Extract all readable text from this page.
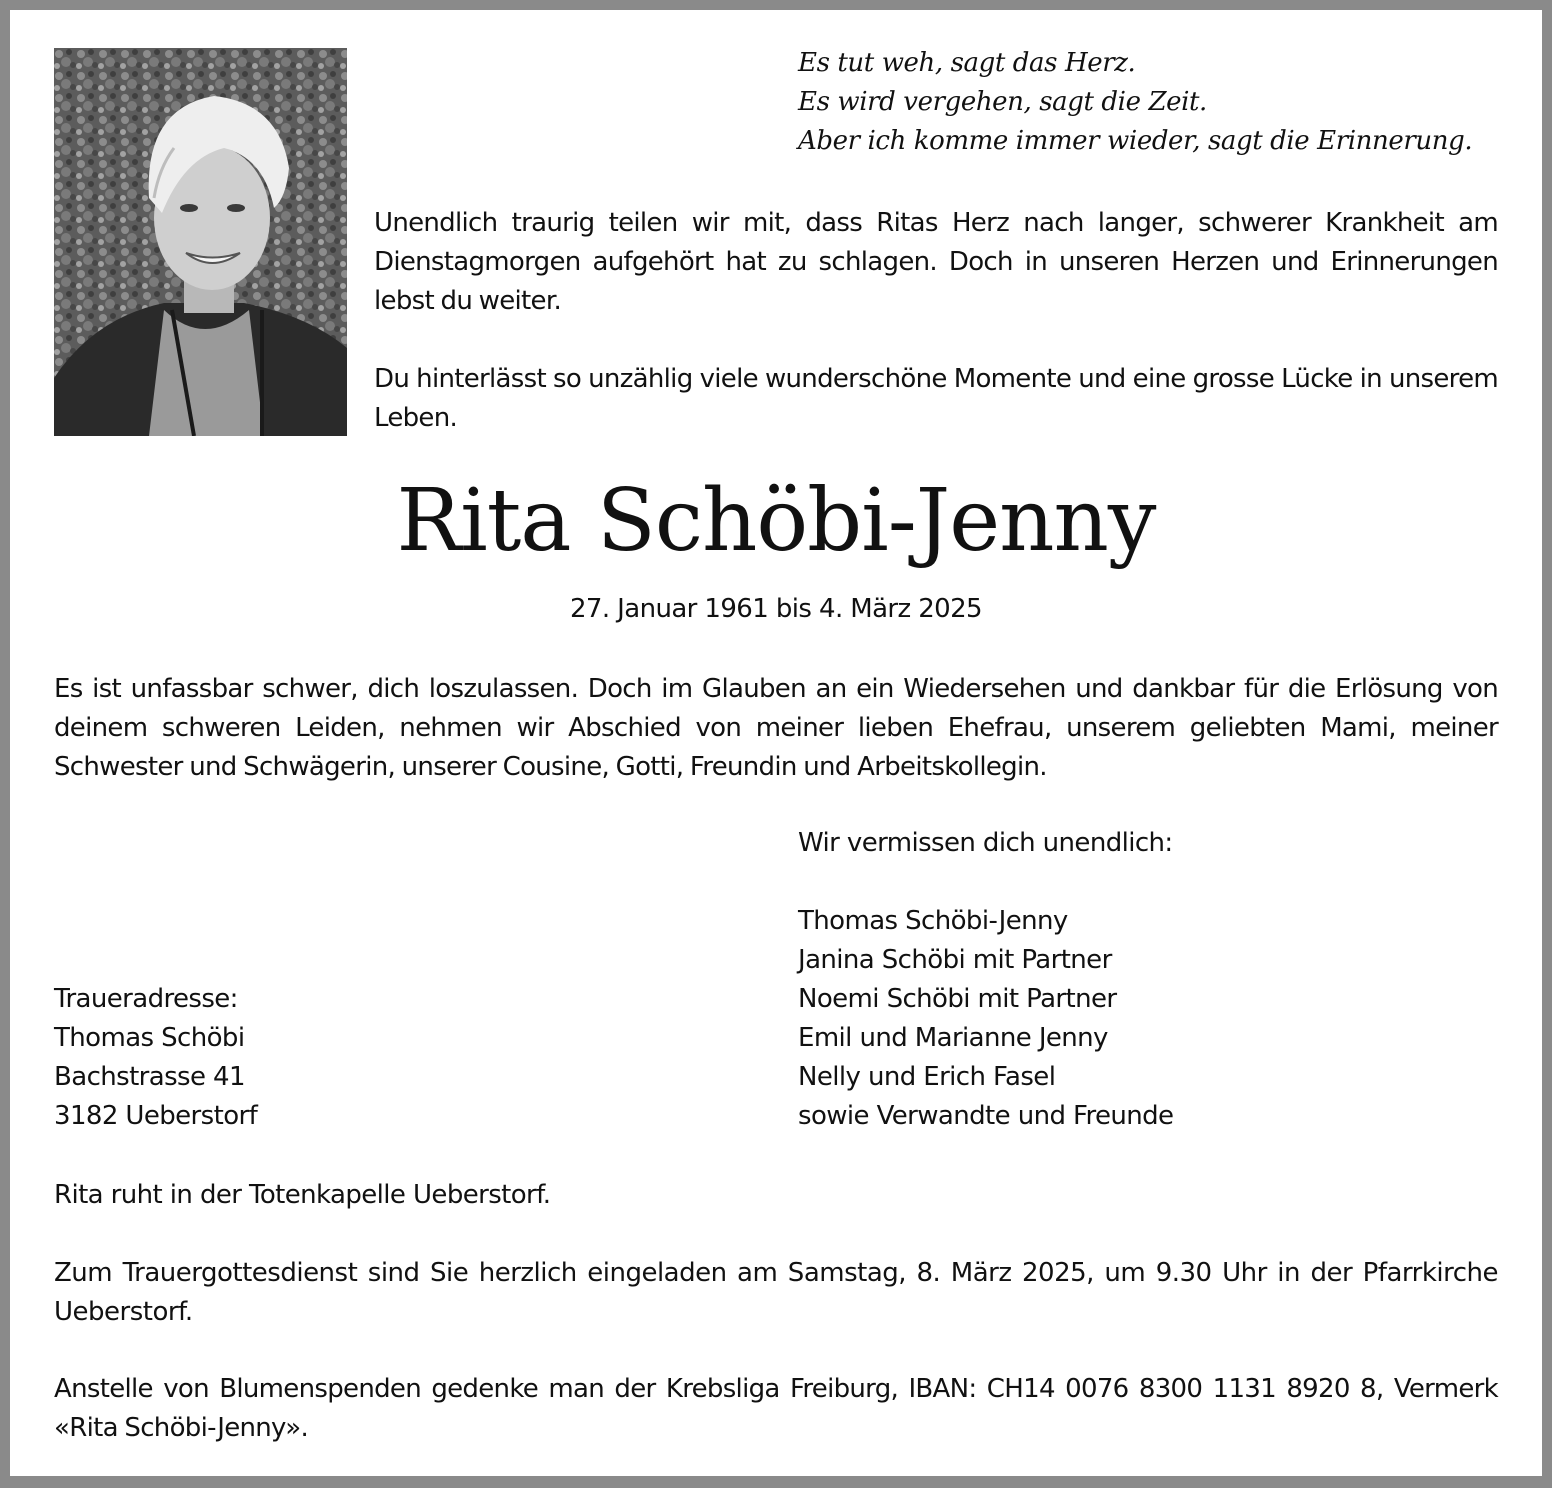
Es tut weh, sagt das Herz.
Es wird vergehen, sagt die Zeit.
Aber ich komme immer wieder, sagt die Erinnerung.
Unendlich traurig teilen wir mit, dass Ritas Herz nach langer, schwerer Krankheit am Dienstagmorgen aufgehört hat zu schlagen. Doch in unseren Herzen und Erinnerungen lebst du weiter.
Du hinterlässt so unzählig viele wunderschöne Momente und eine grosse Lücke in unserem Leben.
Rita Schöbi-Jenny
27. Januar 1961 bis 4. März 2025
Es ist unfassbar schwer, dich loszulassen. Doch im Glauben an ein Wiedersehen und dankbar für die Erlösung von deinem schweren Leiden, nehmen wir Abschied von meiner lieben Ehefrau, unserem geliebten Mami, meiner Schwester und Schwägerin, unserer Cousine, Gotti, Freundin und Arbeitskollegin.
Wir vermissen dich unendlich:
Thomas Schöbi-Jenny
Janina Schöbi mit Partner
Noemi Schöbi mit Partner
Emil und Marianne Jenny
Nelly und Erich Fasel
sowie Verwandte und Freunde
Traueradresse:
Thomas Schöbi
Bachstrasse 41
3182 Ueberstorf
Rita ruht in der Totenkapelle Ueberstorf.
Zum Trauergottesdienst sind Sie herzlich eingeladen am Samstag, 8. März 2025, um 9.30 Uhr in der Pfarrkirche Ueberstorf.
Anstelle von Blumenspenden gedenke man der Krebsliga Freiburg, IBAN: CH14 0076 8300 1131 8920 8, Vermerk «Rita Schöbi-Jenny».
